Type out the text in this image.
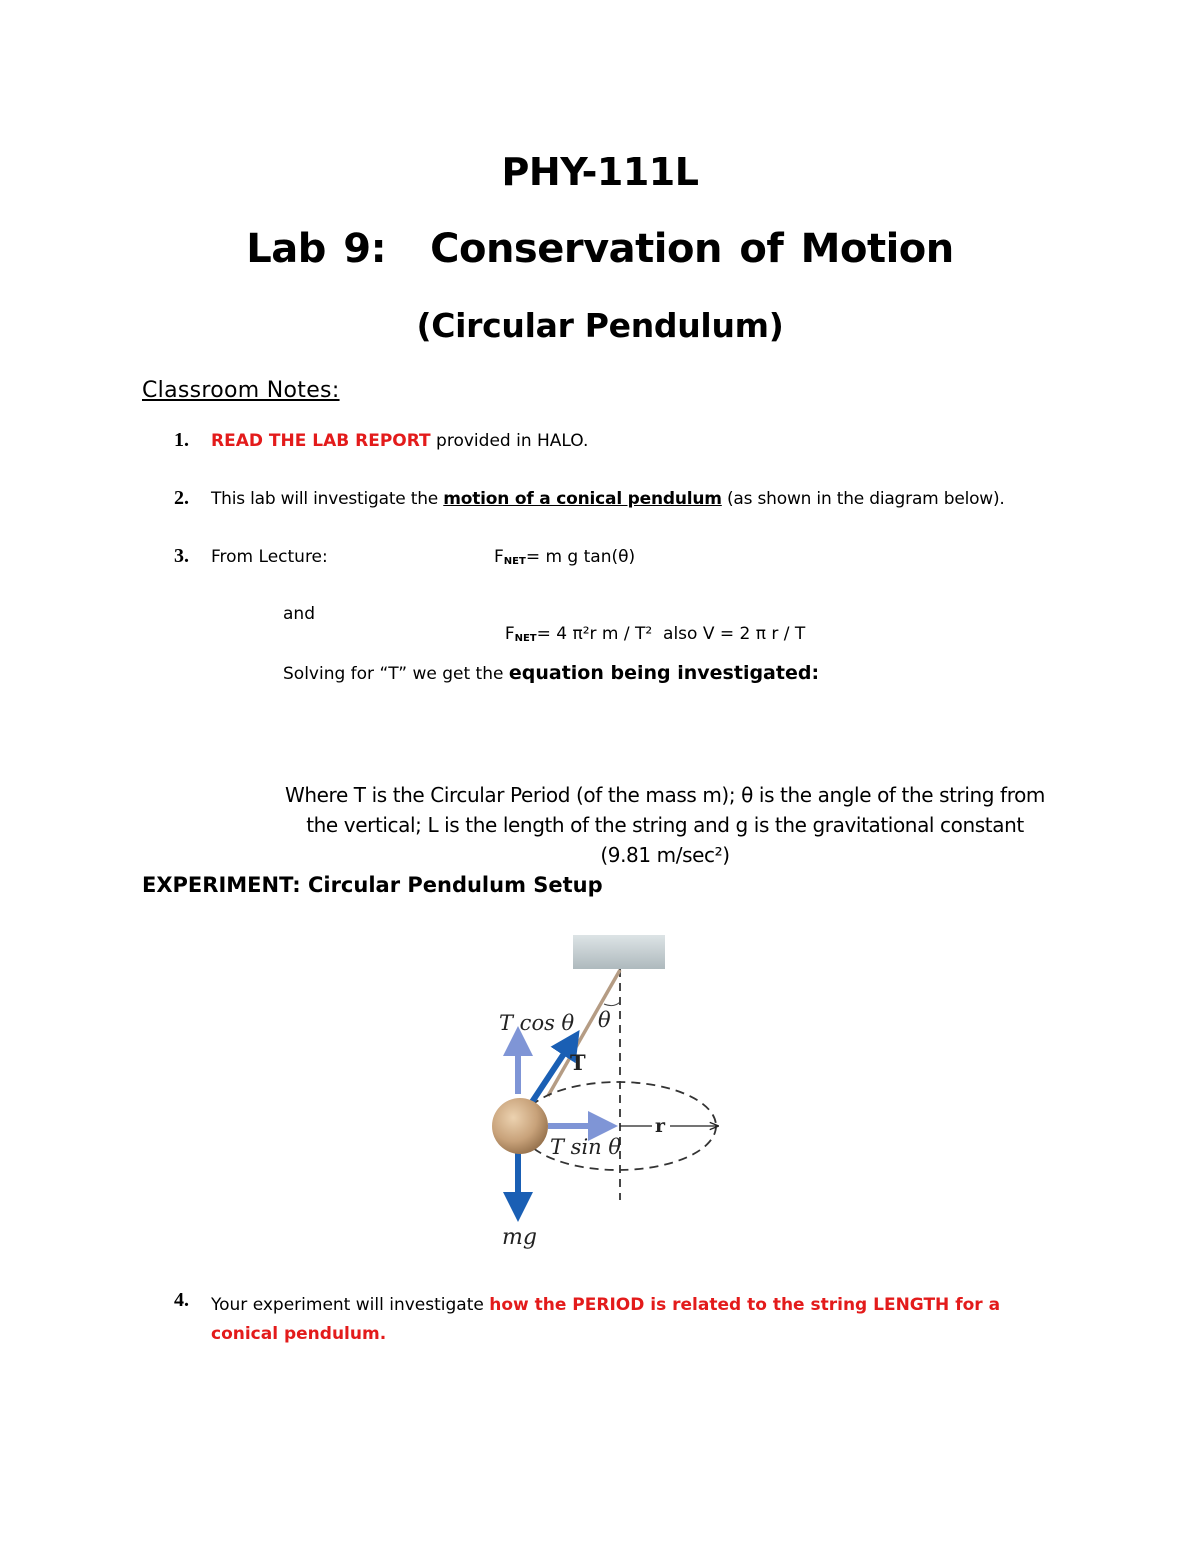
PHY-111L
Lab 9: Conservation of Motion
(Circular Pendulum)
Classroom Notes:
1. READ THE LAB REPORT provided in HALO.
2. This lab will investigate the motion of a conical pendulum (as shown in the diagram below).
3. From Lecture:	$F_{NET}= m$ g tan(θ)
and

$F_{NET}= 4$ π²r m / T²  also V = 2 π r / T

Solving for “T” we get the equation being investigated:
Where T is the Circular Period (of the mass m); θ is the angle of the string from the vertical; L is the length of the string and g is the gravitational constant (9.81 m/sec²)
EXPERIMENT: Circular Pendulum Setup
T cos θ θ
T
T sin θ
r
mg
4. Your experiment will investigate how the PERIOD is related to the string LENGTH for a conical pendulum.
